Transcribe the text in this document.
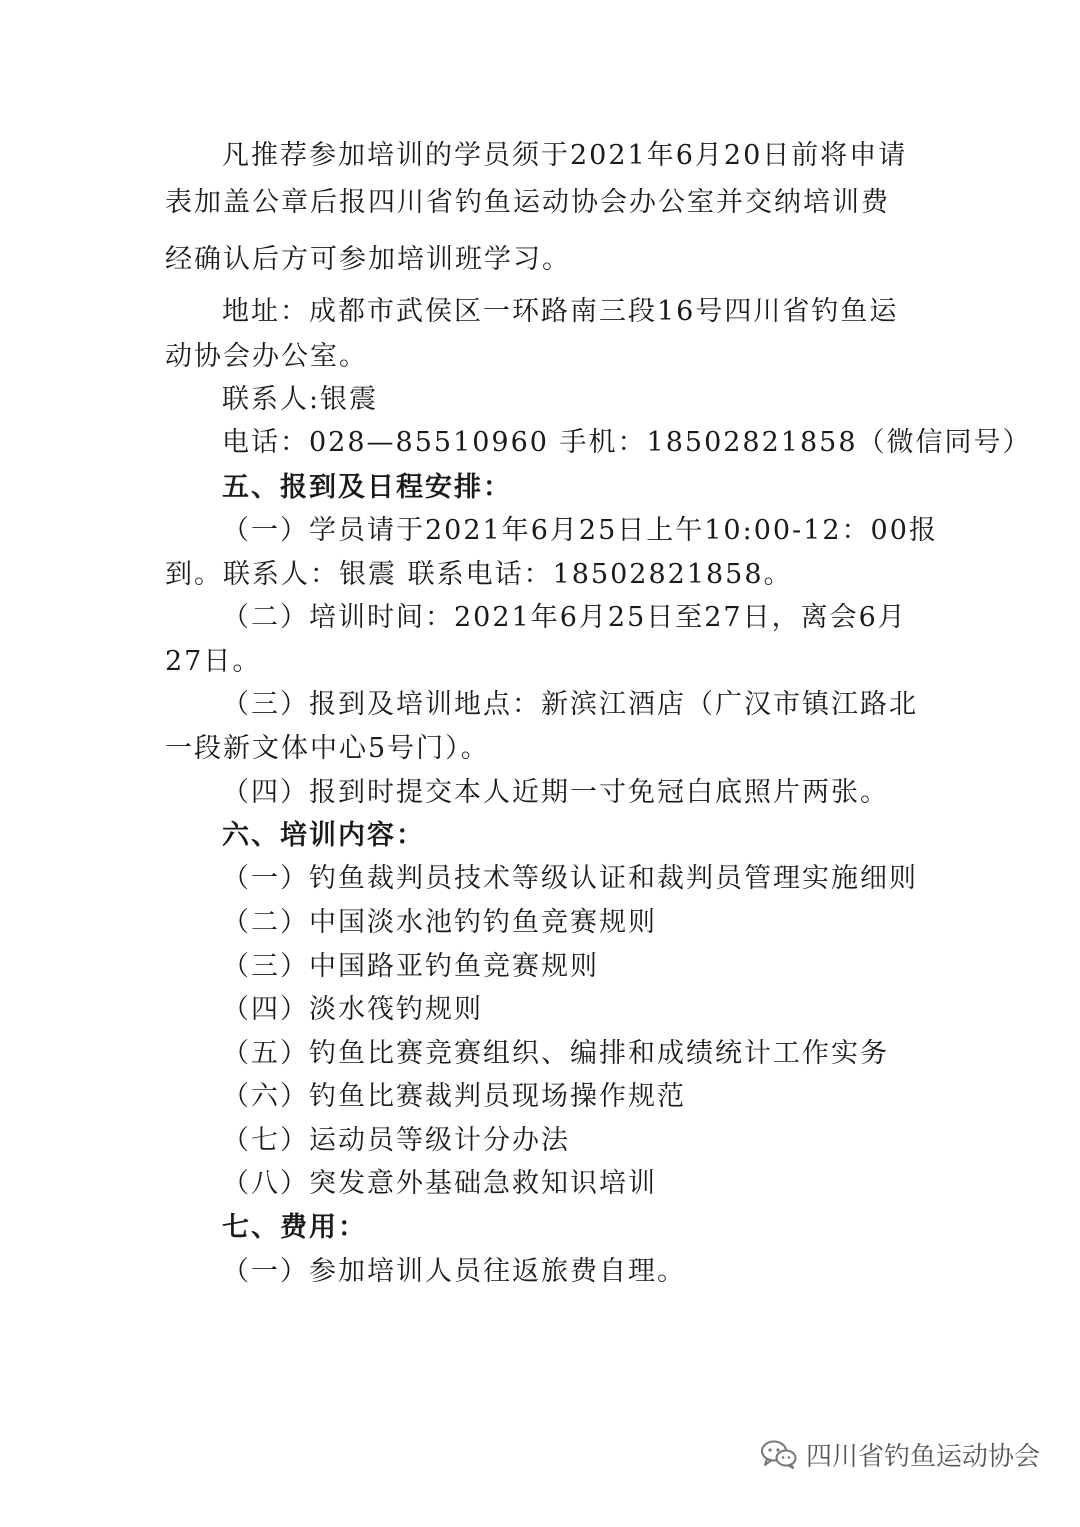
凡推荐参加培训的学员须于2021年6月20日前将申请
表加盖公章后报四川省钓鱼运动协会办公室并交纳培训费
经确认后方可参加培训班学习。
地址：成都市武侯区一环路南三段16号四川省钓鱼运
动协会办公室。
联系人:银震
电话：028—85510960 手机：18502821858（微信同号）
五、报到及日程安排：
（一）学员请于2021年6月25日上午10:00-12：00报
到。联系人：银震 联系电话：18502821858。
（二）培训时间：2021年6月25日至27日，离会6月
27日。
（三）报到及培训地点：新滨江酒店（广汉市镇江路北
一段新文体中心5号门）。
（四）报到时提交本人近期一寸免冠白底照片两张。
六、培训内容：
（一）钓鱼裁判员技术等级认证和裁判员管理实施细则
（二）中国淡水池钓钓鱼竞赛规则
（三）中国路亚钓鱼竞赛规则
（四）淡水筏钓规则
（五）钓鱼比赛竞赛组织、编排和成绩统计工作实务
（六）钓鱼比赛裁判员现场操作规范
（七）运动员等级计分办法
（八）突发意外基础急救知识培训
七、费用：
（一）参加培训人员往返旅费自理。
四川省钓鱼运动协会
